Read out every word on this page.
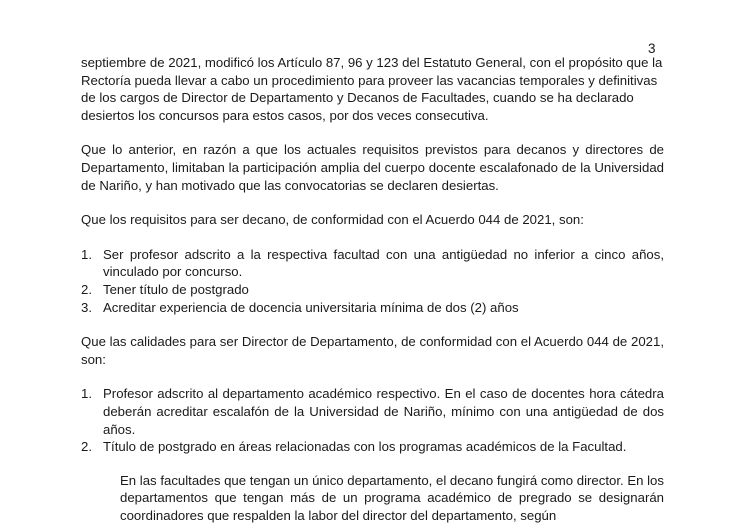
3

septiembre de 2021, modificó los Artículo 87, 96 y 123 del Estatuto General, con el propósito que la Rectoría pueda llevar a cabo un procedimiento para proveer las vacancias temporales y definitivas de los cargos de Director de Departamento y Decanos de Facultades, cuando se ha declarado desiertos los concursos para estos casos, por dos veces consecutiva.

Que lo anterior, en razón a que los actuales requisitos previstos para decanos y directores de Departamento, limitaban la participación amplia del cuerpo docente escalafonado de la Universidad de Nariño, y han motivado que las convocatorias se declaren desiertas.

Que los requisitos para ser decano, de conformidad con el Acuerdo 044 de 2021, son:

1. Ser profesor adscrito a la respectiva facultad con una antigüedad no inferior a cinco años, vinculado por concurso.
2. Tener título de postgrado
3. Acreditar experiencia de docencia universitaria mínima de dos (2) años

Que las calidades para ser Director de Departamento, de conformidad con el Acuerdo 044 de 2021, son:

1. Profesor adscrito al departamento académico respectivo. En el caso de docentes hora cátedra deberán acreditar escalafón de la Universidad de Nariño, mínimo con una antigüedad de dos años.
2. Título de postgrado en áreas relacionadas con los programas académicos de la Facultad.

En las facultades que tengan un único departamento, el decano fungirá como director. En los departamentos que tengan más de un programa académico de pregrado se designarán coordinadores que respalden la labor del director del departamento, según
